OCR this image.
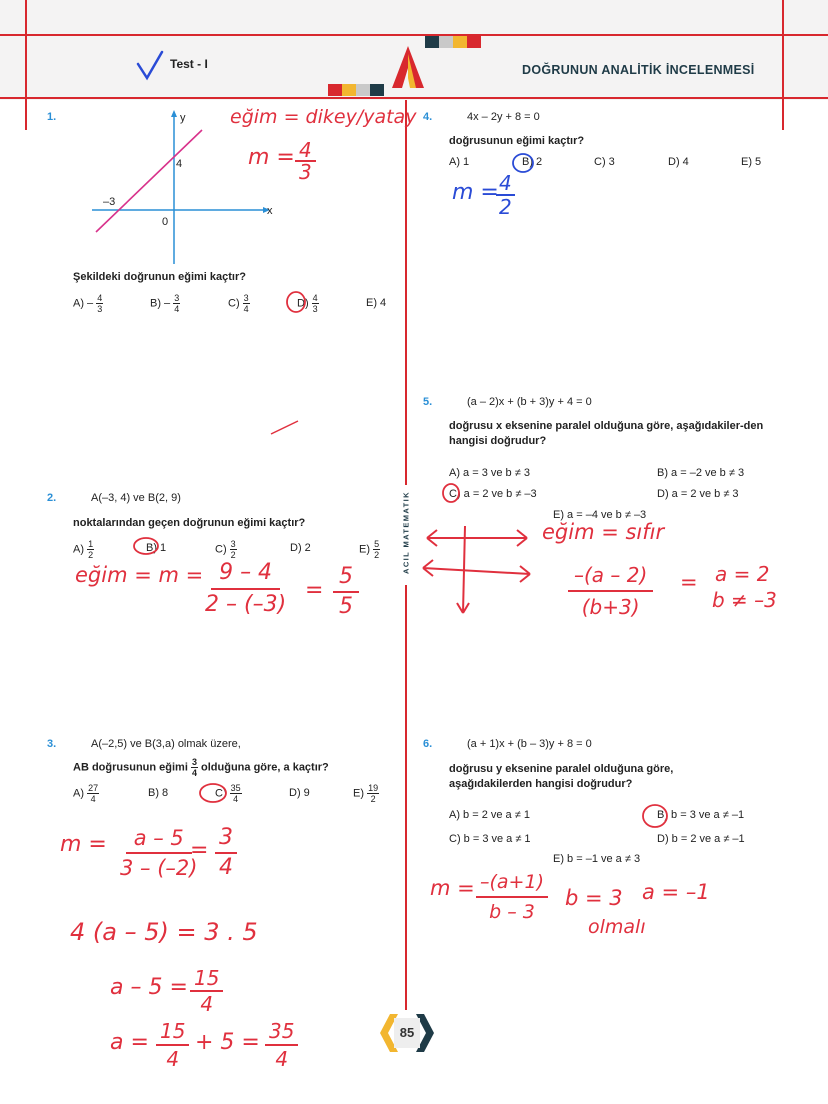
Test - I	DOĞRUNUN ANALİTİK İNCELENMESİ
ACIL MATEMATIK
1.	y
x
4
–3
0
Şekildeki doğrunun eğimi kaçtır?
$A) - \frac{4}{3}$	$B) - \frac{3}{4}$	$C) \frac{3}{4}$	$D) \frac{4}{3}$	E) 4
eğim = dikey/yatay
m = 4
3
2.	A(–3, 4) ve B(2, 9)
noktalarından geçen doğrunun eğimi kaçtır?
$A) \frac{1}{2}$	B) 1	$C) \frac{3}{2}$	D) 2	$E) \frac{5}{2}$
eğim = m = 9 – 4
2 – (–3)
=
5
5
3.	A(–2,5) ve B(3,a) olmak üzere,
AB doğrusunun eğimi $\frac{3}{4}$ olduğuna göre, a kaçtır?
$A) \frac{27}{4}$	B) 8	$C) \frac{35}{4}$	D) 9	$E) \frac{19}{2}$
m =	a – 5
3 – (–2)
=
3
4
4 (a – 5) = 3 . 5
a – 5 = 15
4
a = 15
4
+ 5 = 35
4
4.	4x – 2y + 8 = 0
doğrusunun eğimi kaçtır?
A) 1	B) 2	C) 3	D) 4	E) 5
m = 4
2
5.	(a – 2)x + (b + 3)y + 4 = 0
doğrusu x eksenine paralel olduğuna göre, aşağıdakiler-den hangisi doğrudur?
A) a = 3 ve b ≠ 3	B) a = –2 ve b ≠ 3
C) a = 2 ve b ≠ –3	D) a = 2 ve b ≠ 3
E) a = –4 ve b ≠ –3
eğim = sıfır
–(a – 2)
(b+3)
= a = 2
b ≠ –3
6.	(a + 1)x + (b – 3)y + 8 = 0
doğrusu y eksenine paralel olduğuna göre, aşağıdakilerden hangisi doğrudur?
A) b = 2 ve a ≠ 1	B) b = 3 ve a ≠ –1
C) b = 3 ve a ≠ 1	D) b = 2 ve a ≠ –1
E) b = –1 ve a ≠ 3
m = –(a+1)
b – 3
b = 3 a = –1
olmalı
85
